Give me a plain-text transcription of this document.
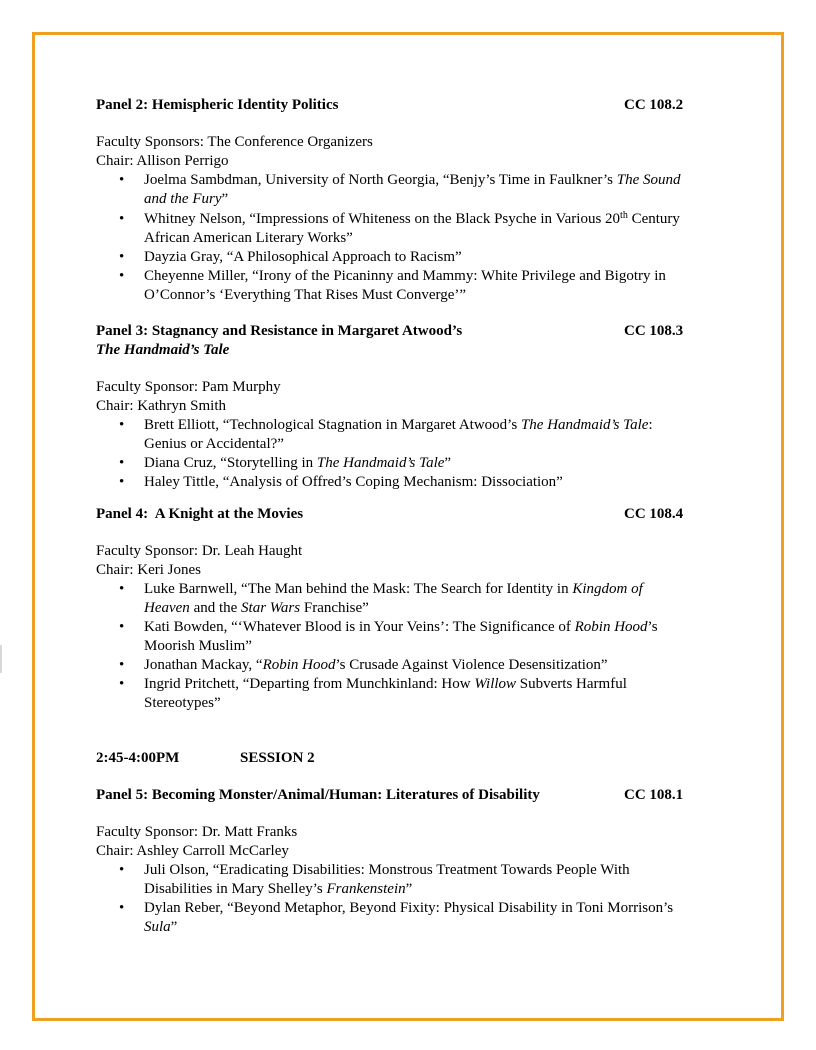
Panel 2: Hemispheric Identity Politics	CC 108.2
Faculty Sponsors: The Conference Organizers
Chair: Allison Perrigo
• Joelma Sambdman, University of North Georgia, “Benjy’s Time in Faulkner’s The Sound
and the Fury”
• Whitney Nelson, “Impressions of Whiteness on the Black Psyche in Various 20th Century
African American Literary Works”
• Dayzia Gray, “A Philosophical Approach to Racism”
• Cheyenne Miller, “Irony of the Picaninny and Mammy: White Privilege and Bigotry in
O’Connor’s ‘Everything That Rises Must Converge’”
Panel 3: Stagnancy and Resistance in Margaret Atwood’s	CC 108.3
The Handmaid’s Tale
Faculty Sponsor: Pam Murphy
Chair: Kathryn Smith
• Brett Elliott, “Technological Stagnation in Margaret Atwood’s The Handmaid’s Tale:
Genius or Accidental?”
• Diana Cruz, “Storytelling in The Handmaid’s Tale”
• Haley Tittle, “Analysis of Offred’s Coping Mechanism: Dissociation”
Panel 4:  A Knight at the Movies	CC 108.4
Faculty Sponsor: Dr. Leah Haught
Chair: Keri Jones
• Luke Barnwell, “The Man behind the Mask: The Search for Identity in Kingdom of
Heaven and the Star Wars Franchise”
• Kati Bowden, “‘Whatever Blood is in Your Veins’: The Significance of Robin Hood’s
Moorish Muslim”
• Jonathan Mackay, “Robin Hood’s Crusade Against Violence Desensitization”
• Ingrid Pritchett, “Departing from Munchkinland: How Willow Subverts Harmful
Stereotypes”
2:45-4:00PM	SESSION 2
Panel 5: Becoming Monster/Animal/Human: Literatures of Disability	CC 108.1
Faculty Sponsor: Dr. Matt Franks
Chair: Ashley Carroll McCarley
• Juli Olson, “Eradicating Disabilities: Monstrous Treatment Towards People With
Disabilities in Mary Shelley’s Frankenstein”
• Dylan Reber, “Beyond Metaphor, Beyond Fixity: Physical Disability in Toni Morrison’s
Sula”
